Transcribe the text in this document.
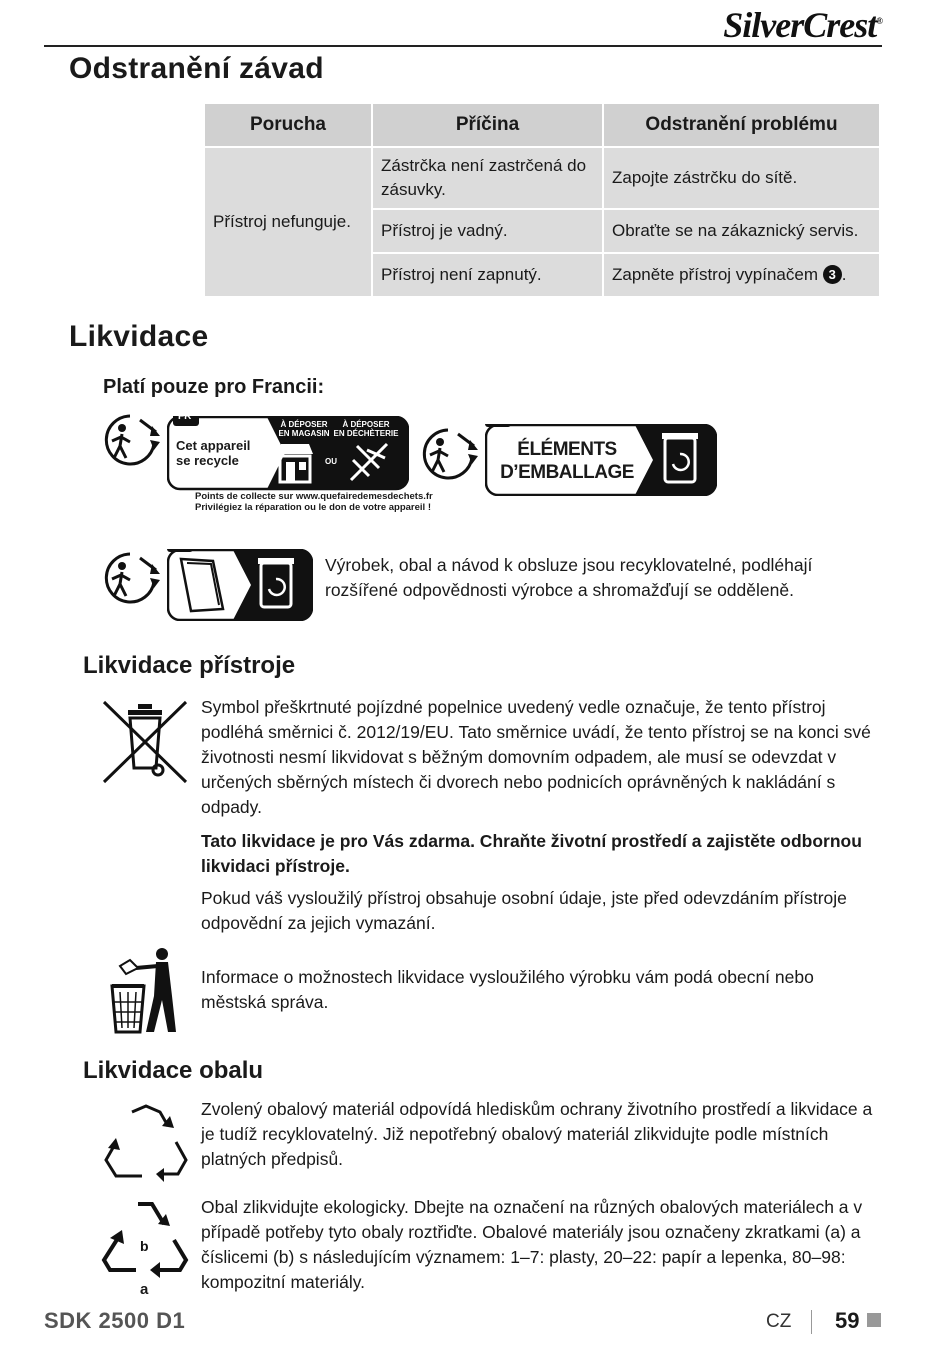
SilverCrest®
Odstranění závad
Porucha	Příčina	Odstranění problému
Přístroj nefunguje.	Zástrčka není zastrčená do zásuvky.	Zapojte zástrčku do sítě.
	Přístroj je vadný.	Obraťte se na zákaznický servis.
	Přístroj není zapnutý.	Zapněte přístroj vypínačem 3 .
Likvidace
Platí pouze pro Francii:
FR
Cet appareil
se recycle
À DÉPOSER
EN MAGASIN
À DÉPOSER
EN DÉCHÈTERIE
OU
Points de collecte sur www.quefairedemesdechets.fr
Privilégiez la réparation ou le don de votre appareil !
FR
ÉLÉMENTS
D’EMBALLAGE
FR

Výrobek, obal a návod k obsluze jsou recyklovatelné, podléhají rozšířené odpovědnosti výrobce a shromažďují se odděleně.

Likvidace přístroje

Symbol přeškrtnuté pojízdné popelnice uvedený vedle označuje, že tento přístroj podléhá směrnici č. 2012/19/EU. Tato směrnice uvádí, že tento přístroj se na konci své životnosti nesmí likvidovat s běžným domovním odpadem, ale musí se odevzdat v určených sběrných místech či dvorech nebo podnicích oprávněných k nakládání s odpady.

Tato likvidace je pro Vás zdarma. Chraňte životní prostředí a zajistěte odbornou likvidaci přístroje.

Pokud váš vysloužilý přístroj obsahuje osobní údaje, jste před odevzdáním přístroje odpovědní za jejich vymazání.

Informace o možnostech likvidace vysloužilého výrobku vám podá obecní nebo městská správa.

Likvidace obalu

Zvolený obalový materiál odpovídá hlediskům ochrany životního prostředí a likvidace a je tudíž recyklovatelný. Již nepotřebný obalový materiál zlikvidujte podle místních platných předpisů.

b
a

Obal zlikvidujte ekologicky. Dbejte na označení na různých obalových materiálech a v případě potřeby tyto obaly roztřiďte. Obalové materiály jsou označeny zkratkami (a) a číslicemi (b) s následujícím významem: 1–7: plasty, 20–22: papír a lepenka, 80–98: kompozitní materiály.

SDK 2500 D1	CZ 59
